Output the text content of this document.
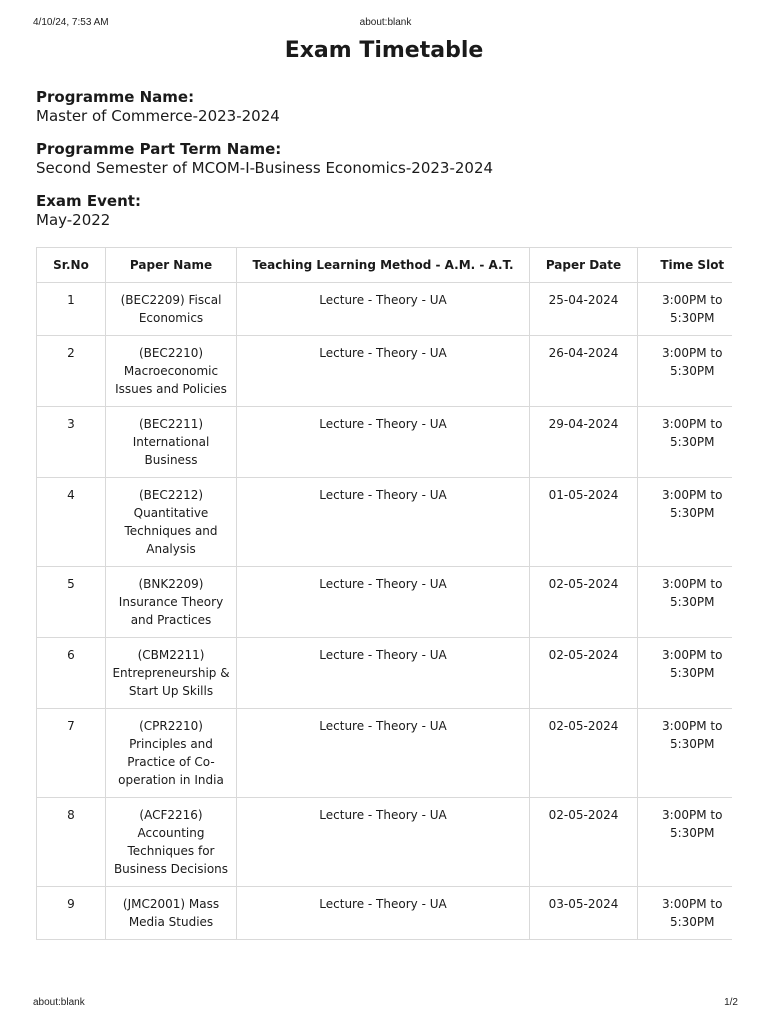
4/10/24, 7:53 AM	about:blank
Exam Timetable
Programme Name:
Master of Commerce-2023-2024
Programme Part Term Name:
Second Semester of MCOM-I-Business Economics-2023-2024
Exam Event:
May-2022
Sr.No	Paper Name	Teaching Learning Method - A.M. - A.T.	Paper Date	Time Slot
1	(BEC2209) Fiscal Economics	Lecture - Theory - UA	25-04-2024	3:00PM to 5:30PM
2	(BEC2210) Macroeconomic Issues and Policies	Lecture - Theory - UA	26-04-2024	3:00PM to 5:30PM
3	(BEC2211) International Business	Lecture - Theory - UA	29-04-2024	3:00PM to 5:30PM
4	(BEC2212) Quantitative Techniques and Analysis	Lecture - Theory - UA	01-05-2024	3:00PM to 5:30PM
5	(BNK2209) Insurance Theory and Practices	Lecture - Theory - UA	02-05-2024	3:00PM to 5:30PM
6	(CBM2211) Entrepreneurship & Start Up Skills	Lecture - Theory - UA	02-05-2024	3:00PM to 5:30PM
7	(CPR2210) Principles and Practice of Co-operation in India	Lecture - Theory - UA	02-05-2024	3:00PM to 5:30PM
8	(ACF2216) Accounting Techniques for Business Decisions	Lecture - Theory - UA	02-05-2024	3:00PM to 5:30PM
9	(JMC2001) Mass Media Studies	Lecture - Theory - UA	03-05-2024	3:00PM to 5:30PM
about:blank	1/2
